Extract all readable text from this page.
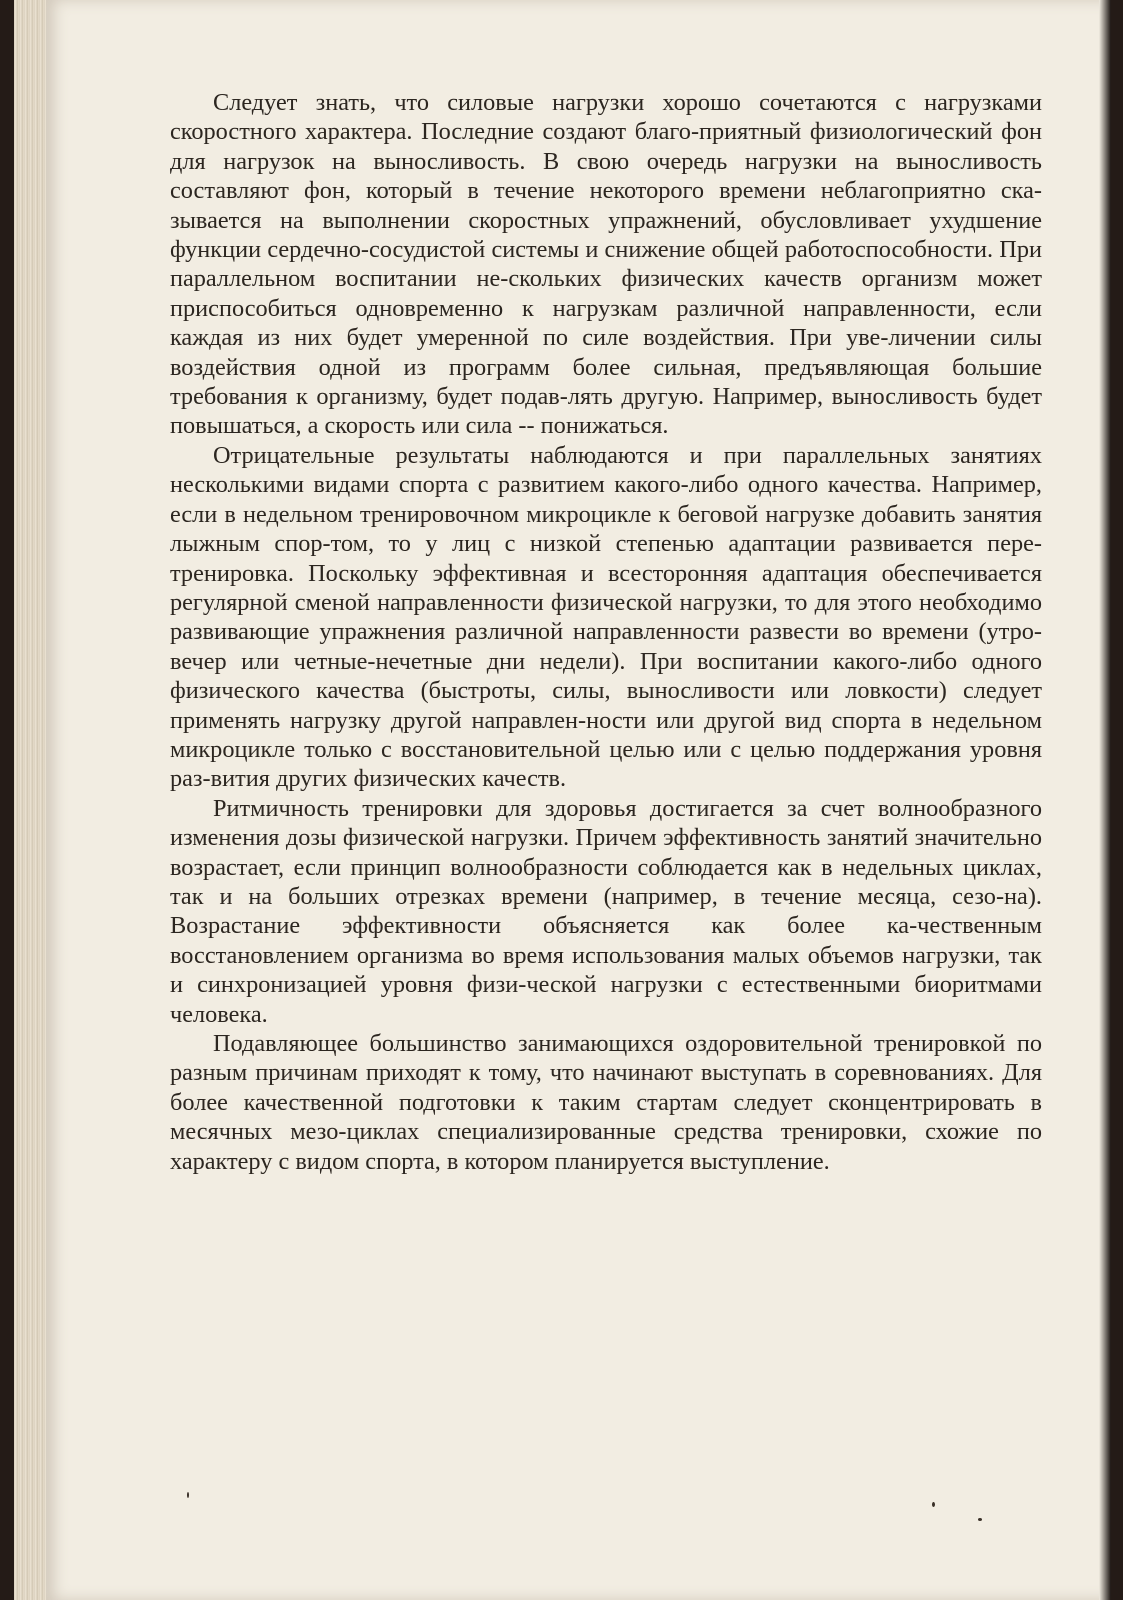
Следует знать, что силовые нагрузки хорошо сочетаются с нагрузками скоростного характера. Последние создают благо-приятный физиологический фон для нагрузок на выносливость. В свою очередь нагрузки на выносливость составляют фон, который в течение некоторого времени неблагоприятно ска-зывается на выполнении скоростных упражнений, обусловливает ухудшение функции сердечно-сосудистой системы и снижение общей работоспособности. При параллельном воспитании не-скольких физических качеств организм может приспособиться одновременно к нагрузкам различной направленности, если каждая из них будет умеренной по силе воздействия. При уве-личении силы воздействия одной из программ более сильная, предъявляющая большие требования к организму, будет подав-лять другую. Например, выносливость будет повышаться, а скорость или сила -- понижаться.

Отрицательные результаты наблюдаются и при параллельных занятиях несколькими видами спорта с развитием какого-либо одного качества. Например, если в недельном тренировочном микроцикле к беговой нагрузке добавить занятия лыжным спор-том, то у лиц с низкой степенью адаптации развивается пере-тренировка. Поскольку эффективная и всесторонняя адаптация обеспечивается регулярной сменой направленности физической нагрузки, то для этого необходимо развивающие упражнения различной направленности развести во времени (утро-вечер или четные-нечетные дни недели). При воспитании какого-либо одного физического качества (быстроты, силы, выносливости или ловкости) следует применять нагрузку другой направлен-ности или другой вид спорта в недельном микроцикле только с восстановительной целью или с целью поддержания уровня раз-вития других физических качеств.

Ритмичность тренировки для здоровья достигается за счет волнообразного изменения дозы физической нагрузки. Причем эффективность занятий значительно возрастает, если принцип волнообразности соблюдается как в недельных циклах, так и на больших отрезках времени (например, в течение месяца, сезо-на). Возрастание эффективности объясняется как более ка-чественным восстановлением организма во время использования малых объемов нагрузки, так и синхронизацией уровня физи-ческой нагрузки с естественными биоритмами человека.

Подавляющее большинство занимающихся оздоровительной тренировкой по разным причинам приходят к тому, что начинают выступать в соревнованиях. Для более качественной подготовки к таким стартам следует сконцентрировать в месячных мезо-циклах специализированные средства тренировки, схожие по характеру с видом спорта, в котором планируется выступление.
